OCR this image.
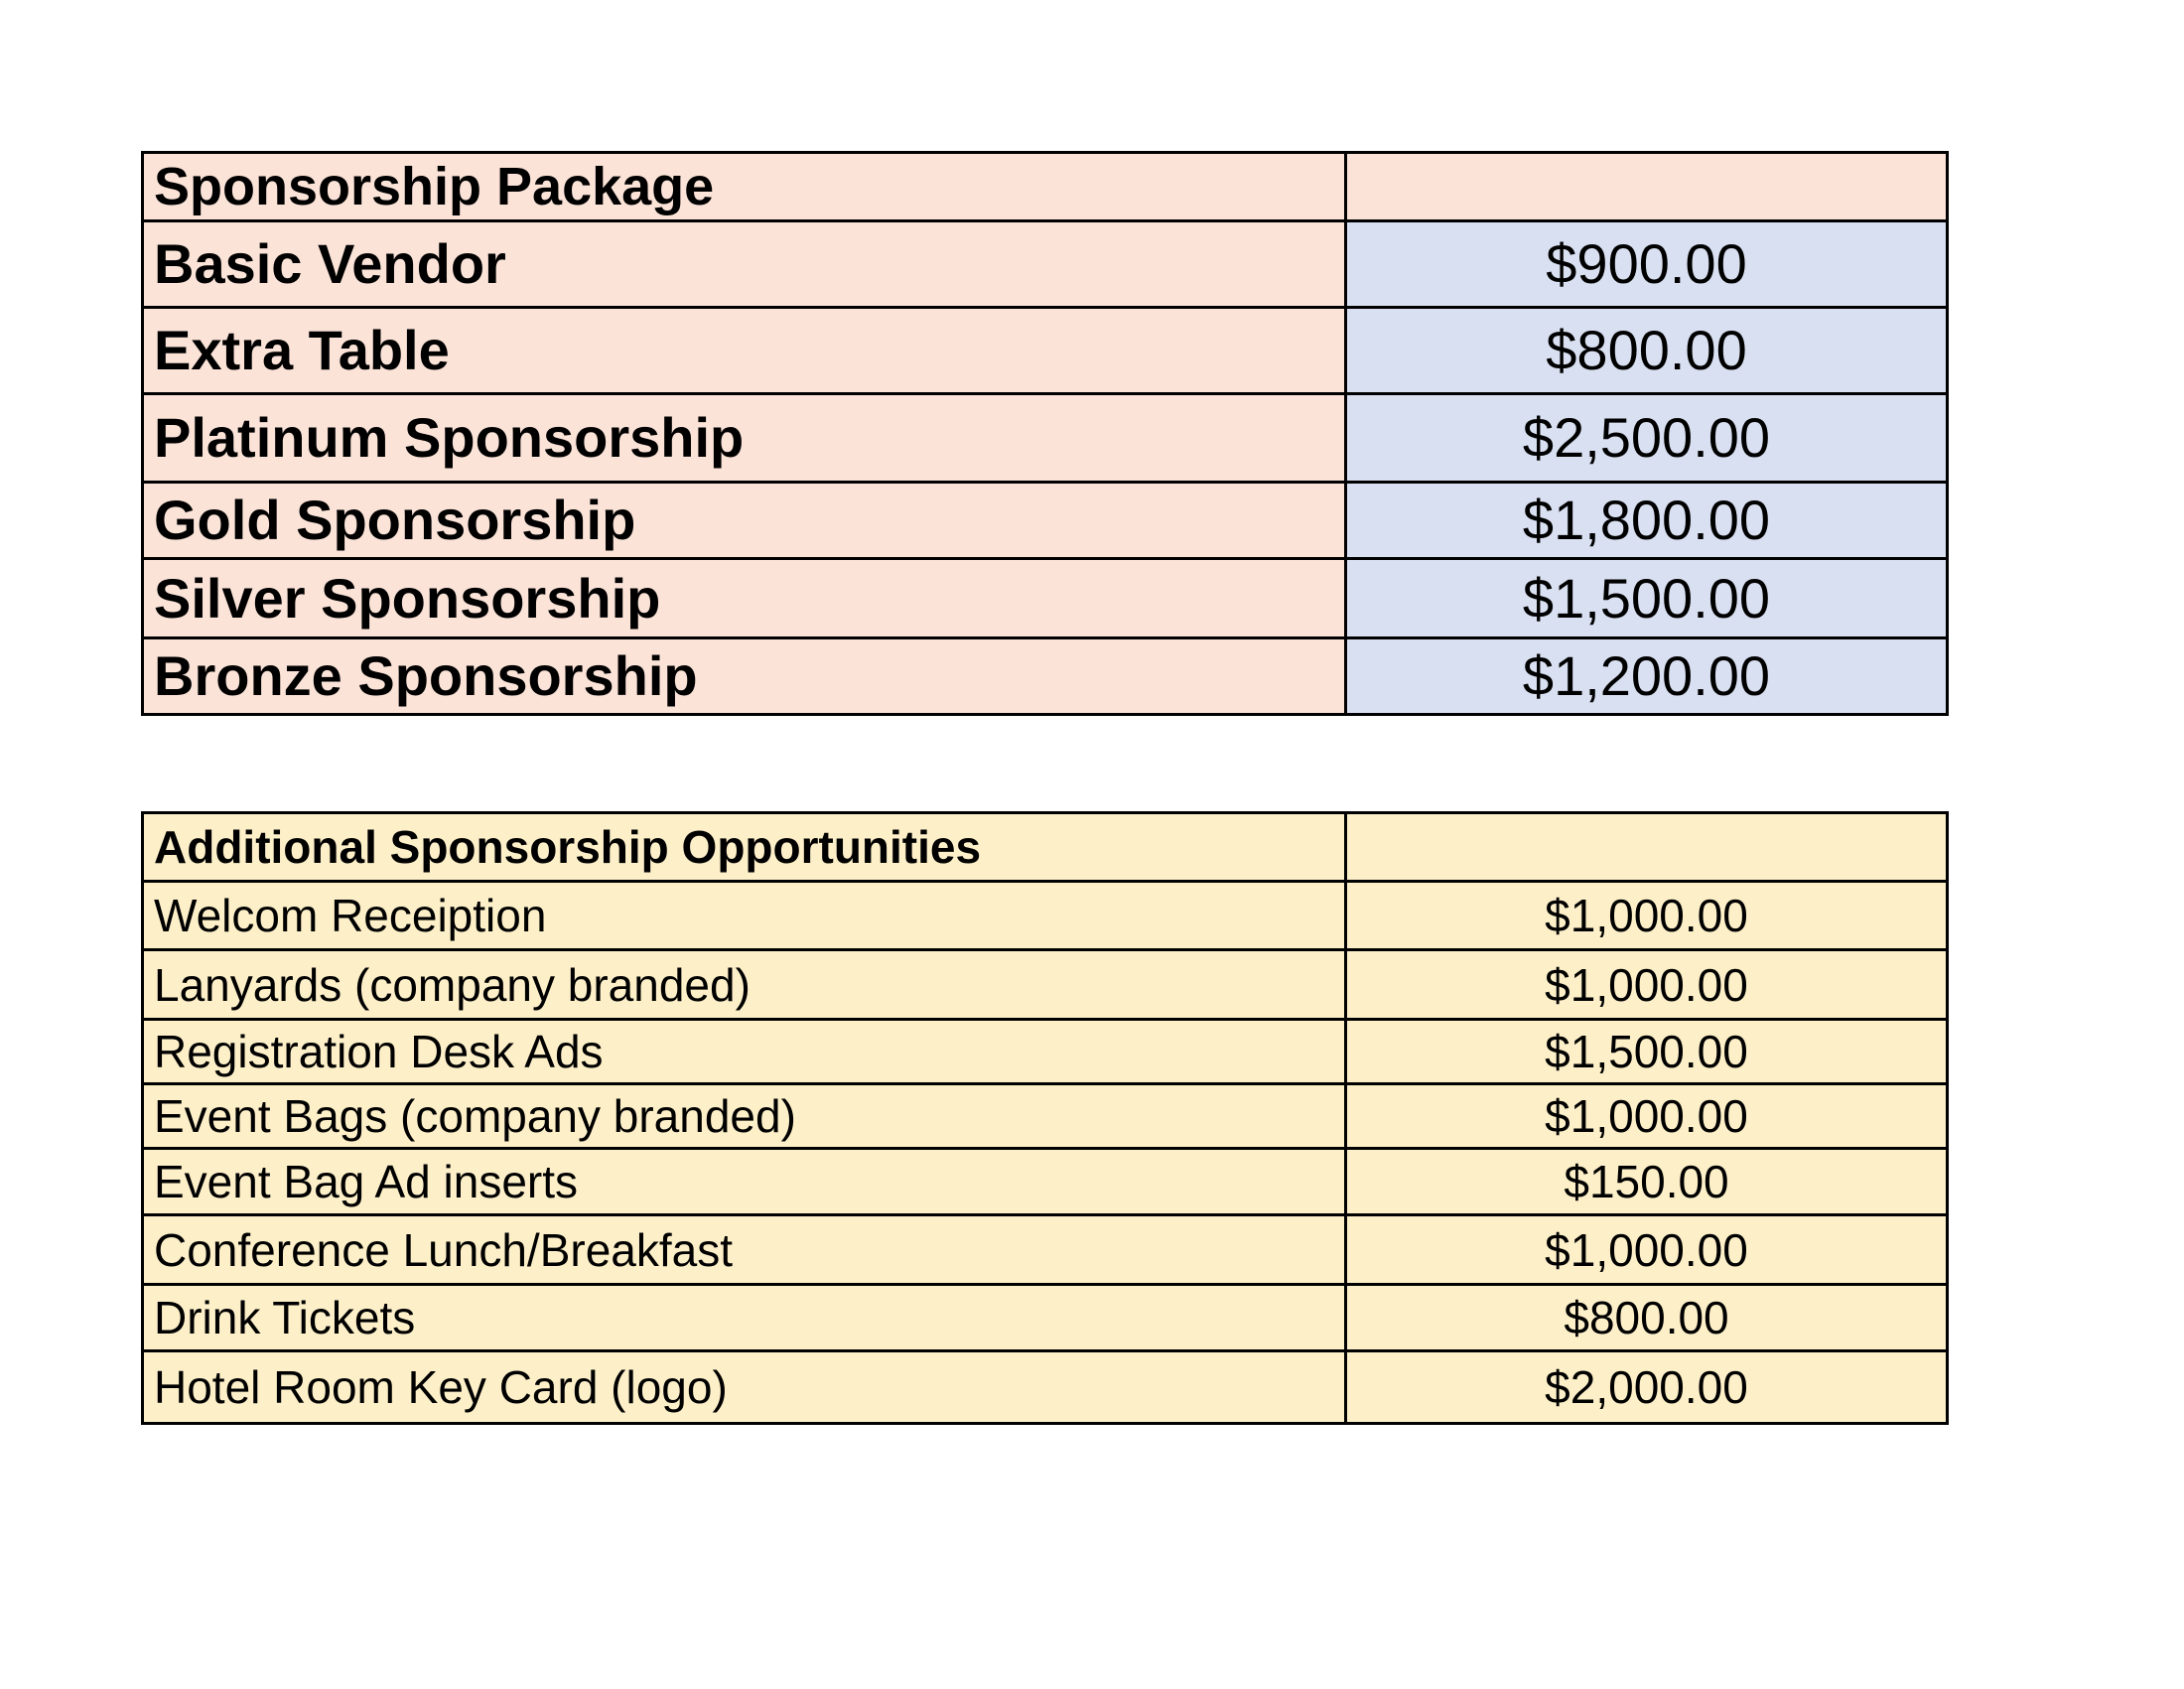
Sponsorship Package	
Basic Vendor	$900.00
Extra Table	$800.00
Platinum Sponsorship	$2,500.00
Gold Sponsorship	$1,800.00
Silver Sponsorship	$1,500.00
Bronze Sponsorship	$1,200.00
Additional Sponsorship Opportunities	
Welcom Receiption	$1,000.00
Lanyards (company branded)	$1,000.00
Registration Desk Ads	$1,500.00
Event Bags (company branded)	$1,000.00
Event Bag Ad inserts	$150.00
Conference Lunch/Breakfast	$1,000.00
Drink Tickets	$800.00
Hotel Room Key Card (logo)	$2,000.00
